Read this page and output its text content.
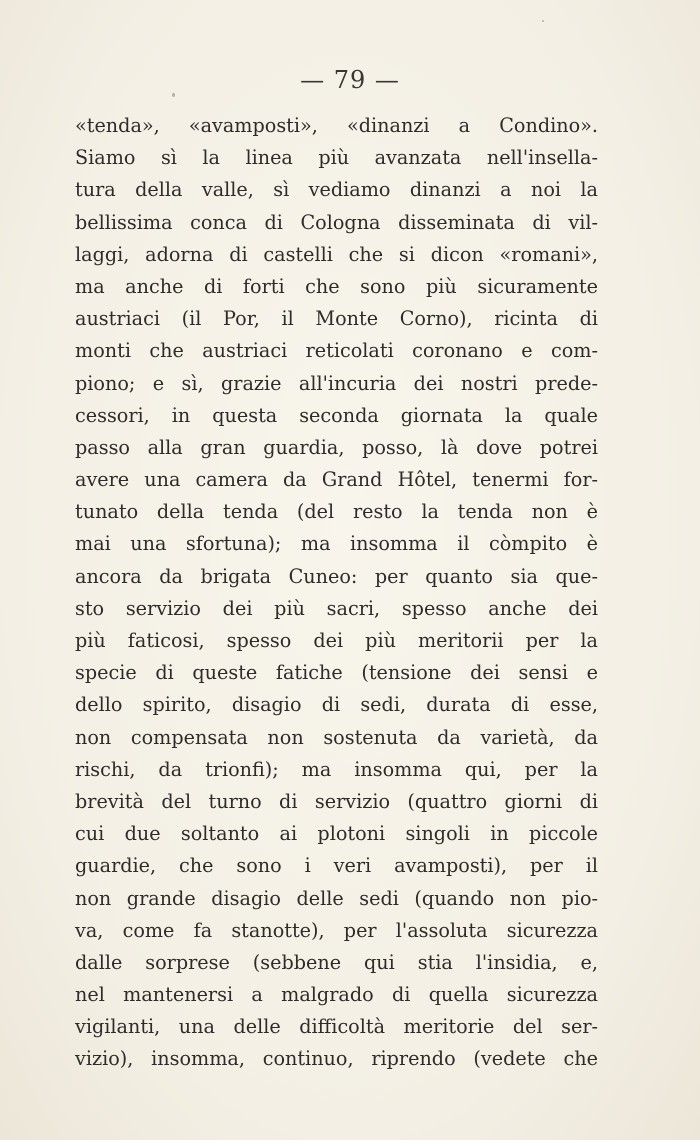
— 79 —
«tenda», «avamposti», «dinanzi a Condino».
Siamo sì la linea più avanzata nell'insella-
tura della valle, sì vediamo dinanzi a noi la
bellissima conca di Cologna disseminata di vil-
laggi, adorna di castelli che si dicon «romani»,
ma anche di forti che sono più sicuramente
austriaci (il Por, il Monte Corno), ricinta di
monti che austriaci reticolati coronano e com-
piono; e sì, grazie all'incuria dei nostri prede-
cessori, in questa seconda giornata la quale
passo alla gran guardia, posso, là dove potrei
avere una camera da Grand Hôtel, tenermi for-
tunato della tenda (del resto la tenda non è
mai una sfortuna); ma insomma il còmpito è
ancora da brigata Cuneo: per quanto sia que-
sto servizio dei più sacri, spesso anche dei
più faticosi, spesso dei più meritorii per la
specie di queste fatiche (tensione dei sensi e
dello spirito, disagio di sedi, durata di esse,
non compensata non sostenuta da varietà, da
rischi, da trionfi); ma insomma qui, per la
brevità del turno di servizio (quattro giorni di
cui due soltanto ai plotoni singoli in piccole
guardie, che sono i veri avamposti), per il
non grande disagio delle sedi (quando non pio-
va, come fa stanotte), per l'assoluta sicurezza
dalle sorprese (sebbene qui stia l'insidia, e,
nel mantenersi a malgrado di quella sicurezza
vigilanti, una delle difficoltà meritorie del ser-
vizio), insomma, continuo, riprendo (vedete che
